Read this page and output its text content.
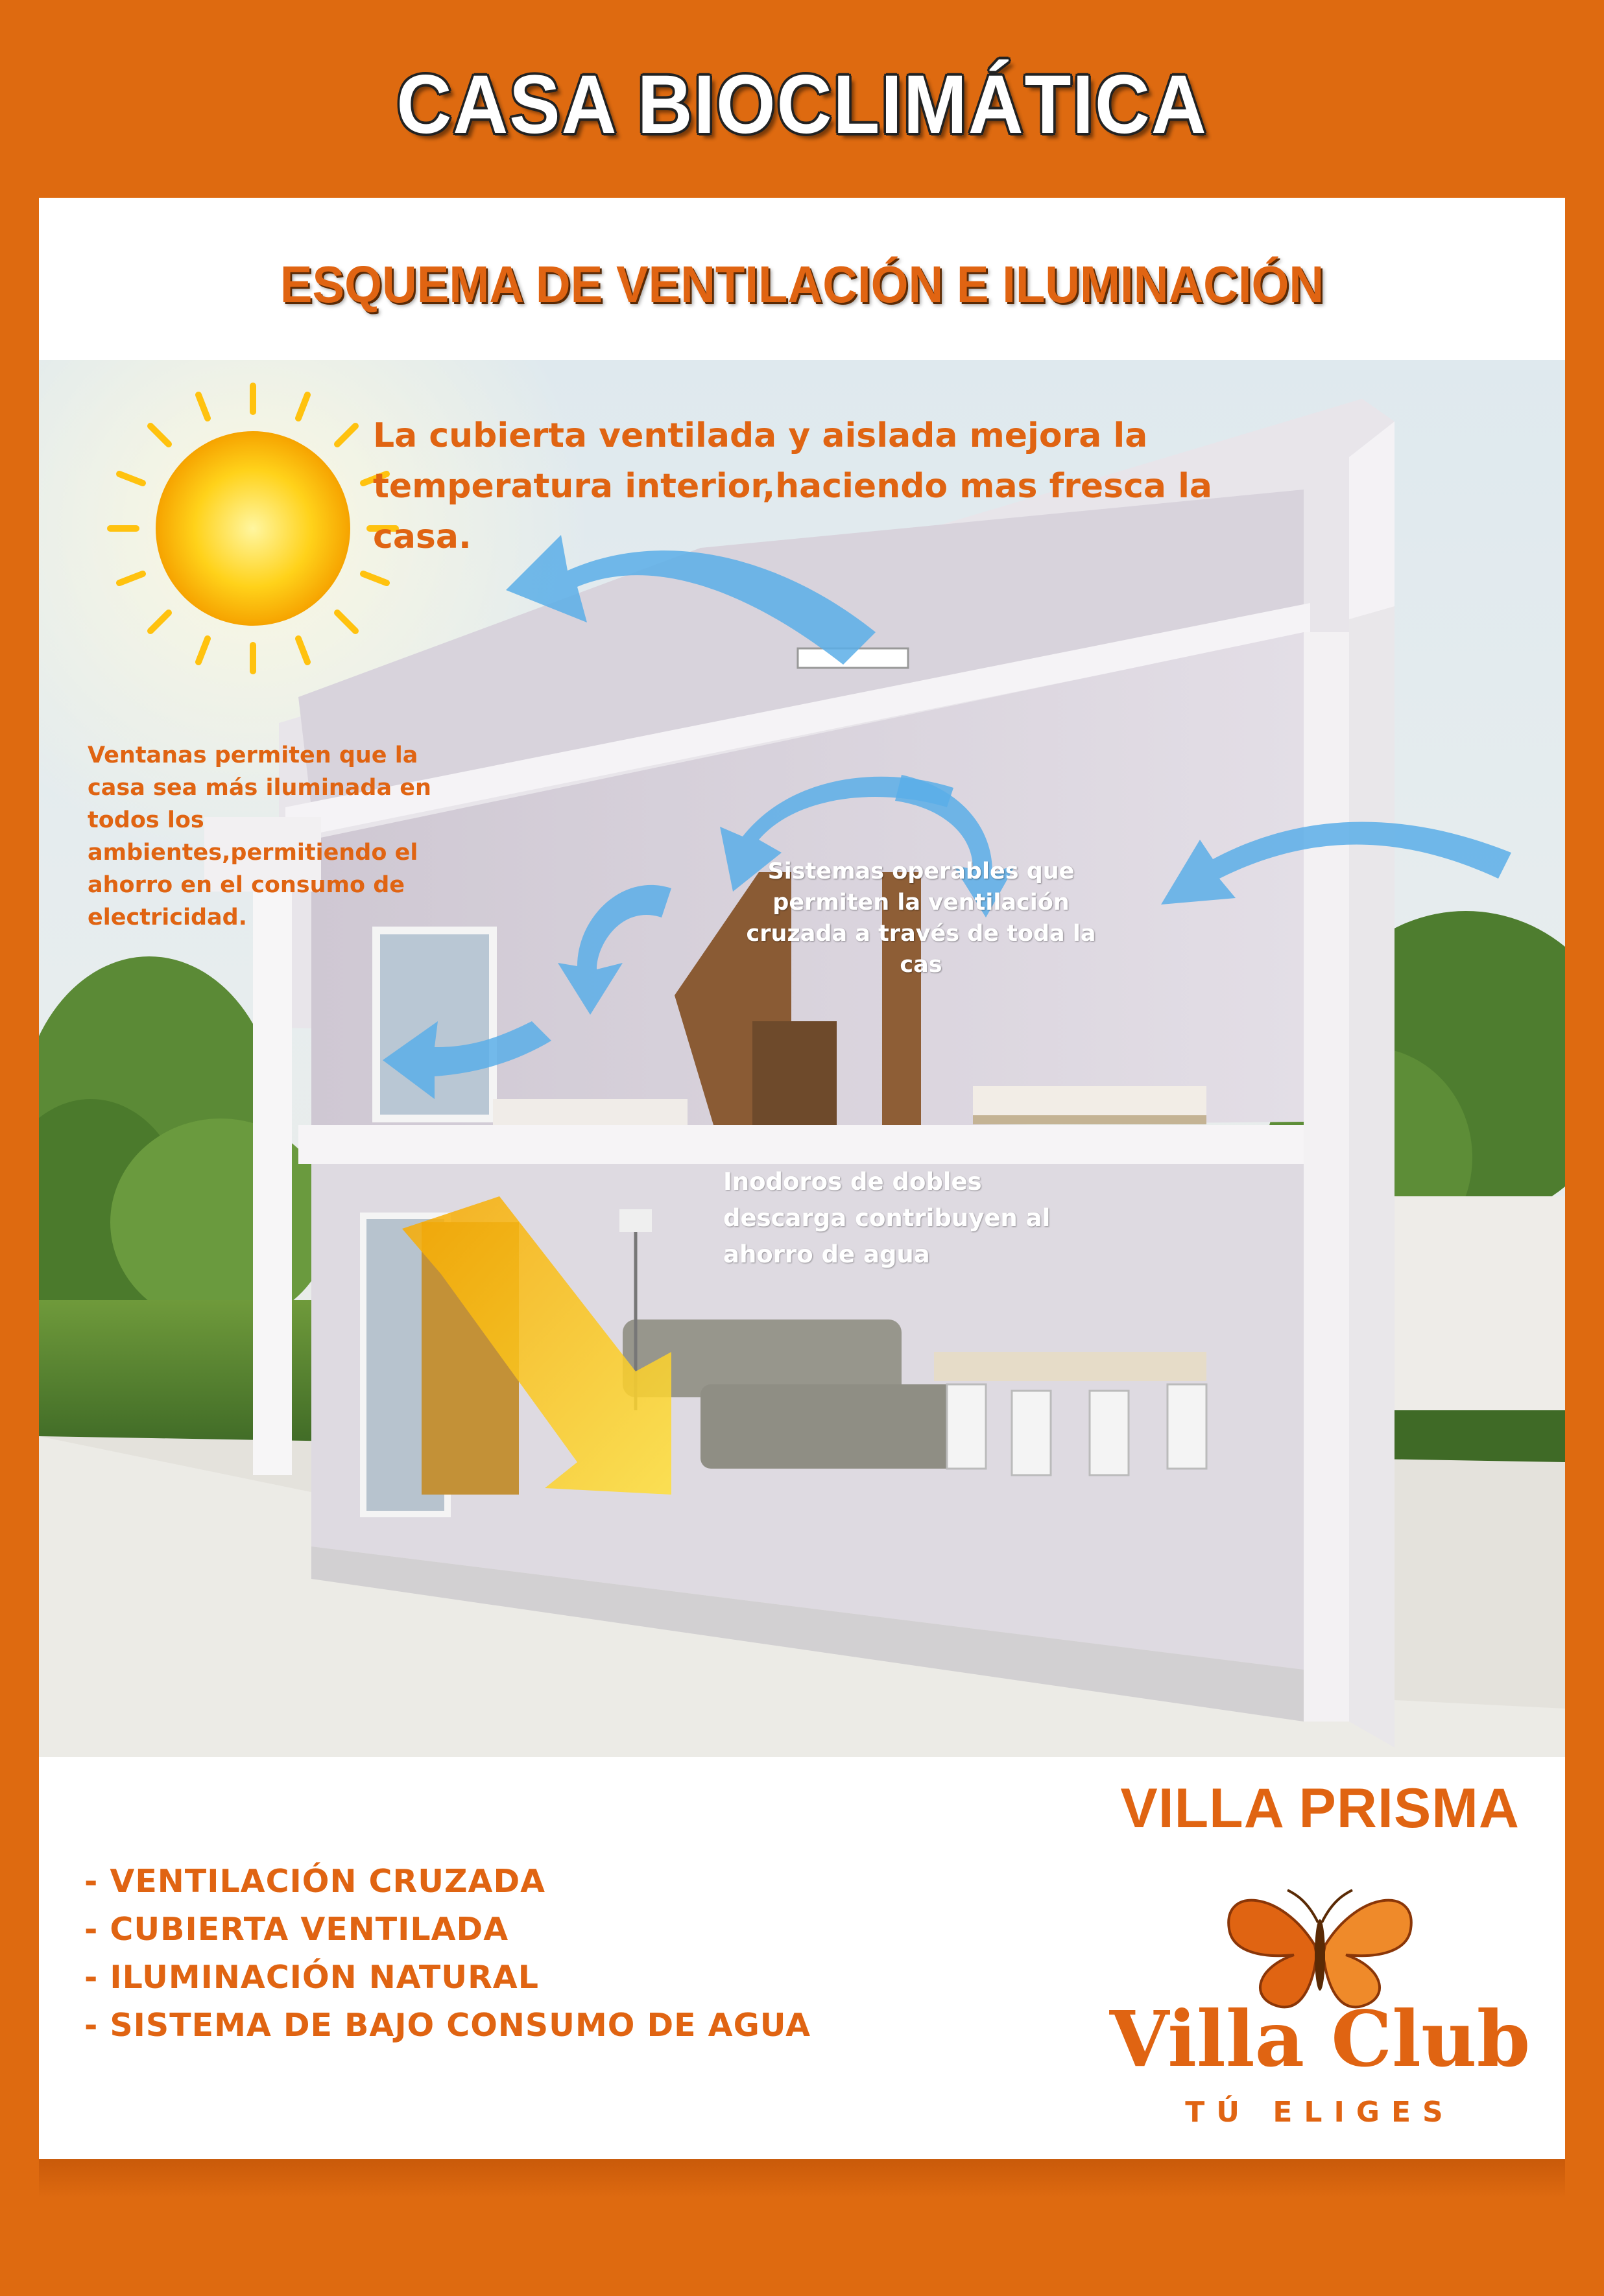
CASA BIOCLIMÁTICA
ESQUEMA DE VENTILACIÓN E ILUMINACIÓN

La cubierta ventilada y aislada mejora la temperatura interior,haciendo mas fresca la casa.

Ventanas permiten que la casa sea más iluminada en todos los ambientes,permitiendo el ahorro en el consumo de electricidad.

Sistemas operables que permiten la ventilación cruzada a través de toda la cas

Inodoros de dobles descarga contribuyen al ahorro de agua

VILLA PRISMA
- VENTILACIÓN CRUZADA
- CUBIERTA VENTILADA
- ILUMINACIÓN NATURAL
- SISTEMA DE BAJO CONSUMO DE AGUA	Villa Club
TÚ ELIGES
